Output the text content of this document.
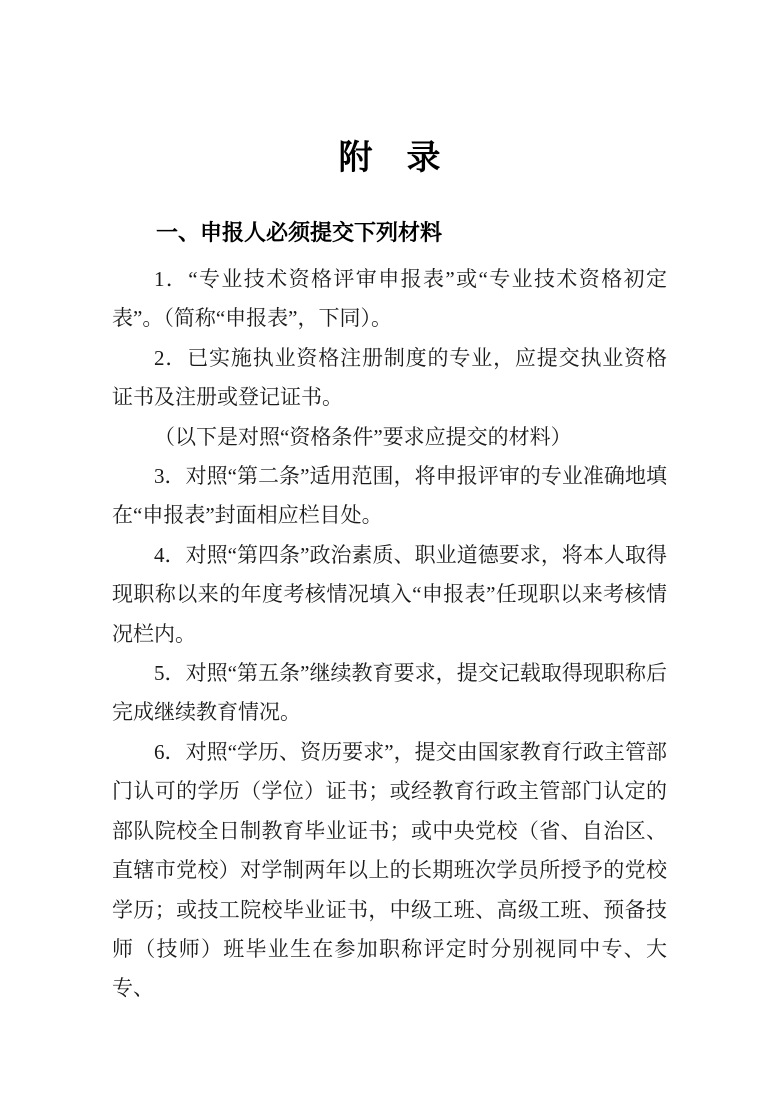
附　录
一、申报人必须提交下列材料

1．“专业技术资格评审申报表”或“专业技术资格初定表”。（简称“申报表”，下同）。

2．已实施执业资格注册制度的专业，应提交执业资格证书及注册或登记证书。

（以下是对照“资格条件”要求应提交的材料）

3．对照“第二条”适用范围，将申报评审的专业准确地填在“申报表”封面相应栏目处。

4．对照“第四条”政治素质、职业道德要求，将本人取得现职称以来的年度考核情况填入“申报表”任现职以来考核情况栏内。

5．对照“第五条”继续教育要求，提交记载取得现职称后完成继续教育情况。

6．对照“学历、资历要求”，提交由国家教育行政主管部门认可的学历（学位）证书；或经教育行政主管部门认定的部队院校全日制教育毕业证书；或中央党校（省、自治区、直辖市党校）对学制两年以上的长期班次学员所授予的党校学历；或技工院校毕业证书，中级工班、高级工班、预备技师（技师）班毕业生在参加职称评定时分别视同中专、大专、
